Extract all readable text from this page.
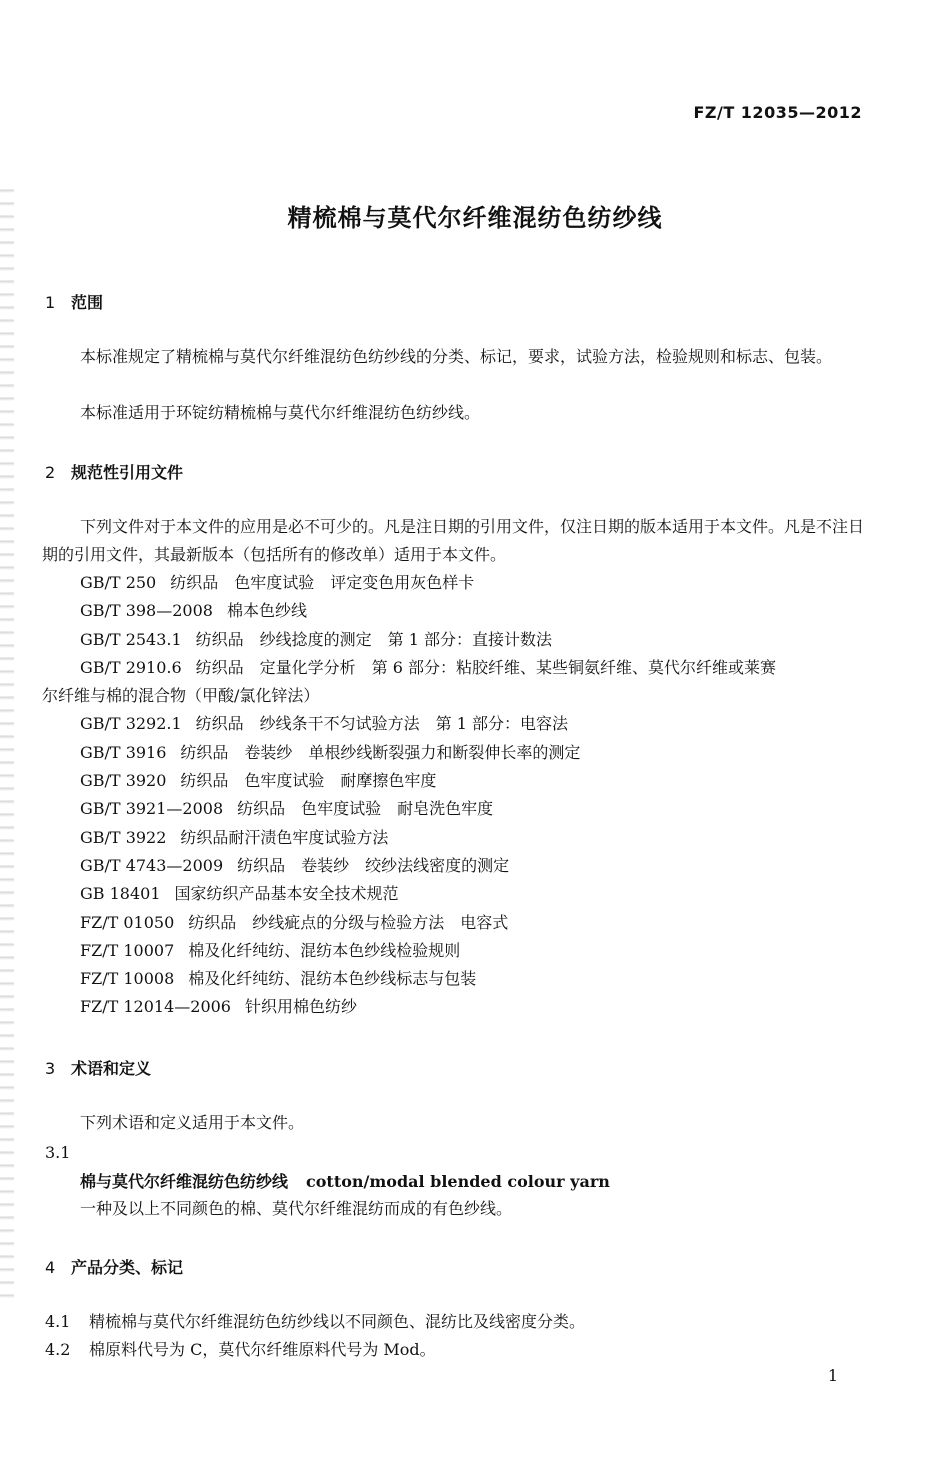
FZ/T 12035—2012
精梳棉与莫代尔纤维混纺色纺纱线
1 范围
本标准规定了精梳棉与莫代尔纤维混纺色纺纱线的分类、标记，要求，试验方法，检验规则和标志、包装。
本标准适用于环锭纺精梳棉与莫代尔纤维混纺色纺纱线。
2 规范性引用文件
下列文件对于本文件的应用是必不可少的。凡是注日期的引用文件，仅注日期的版本适用于本文件。凡是不注日期的引用文件，其最新版本（包括所有的修改单）适用于本文件。
GB/T 250 纺织品　色牢度试验　评定变色用灰色样卡
GB/T 398—2008 棉本色纱线
GB/T 2543.1 纺织品　纱线捻度的测定　第 1 部分：直接计数法
GB/T 2910.6 纺织品　定量化学分析　第 6 部分：粘胶纤维、某些铜氨纤维、莫代尔纤维或莱赛
尔纤维与棉的混合物（甲酸/氯化锌法）
GB/T 3292.1 纺织品　纱线条干不匀试验方法　第 1 部分：电容法
GB/T 3916 纺织品　卷装纱　单根纱线断裂强力和断裂伸长率的测定
GB/T 3920 纺织品　色牢度试验　耐摩擦色牢度
GB/T 3921—2008 纺织品　色牢度试验　耐皂洗色牢度
GB/T 3922 纺织品耐汗渍色牢度试验方法
GB/T 4743—2009 纺织品　卷装纱　绞纱法线密度的测定
GB 18401 国家纺织产品基本安全技术规范
FZ/T 01050 纺织品　纱线疵点的分级与检验方法　电容式
FZ/T 10007 棉及化纤纯纺、混纺本色纱线检验规则
FZ/T 10008 棉及化纤纯纺、混纺本色纱线标志与包装
FZ/T 12014—2006 针织用棉色纺纱
3 术语和定义
下列术语和定义适用于本文件。
3.1
棉与莫代尔纤维混纺色纺纱线 cotton/modal blended colour yarn
一种及以上不同颜色的棉、莫代尔纤维混纺而成的有色纱线。
4 产品分类、标记
4.1 精梳棉与莫代尔纤维混纺色纺纱线以不同颜色、混纺比及线密度分类。
4.2 棉原料代号为 C，莫代尔纤维原料代号为 Mod。
1
